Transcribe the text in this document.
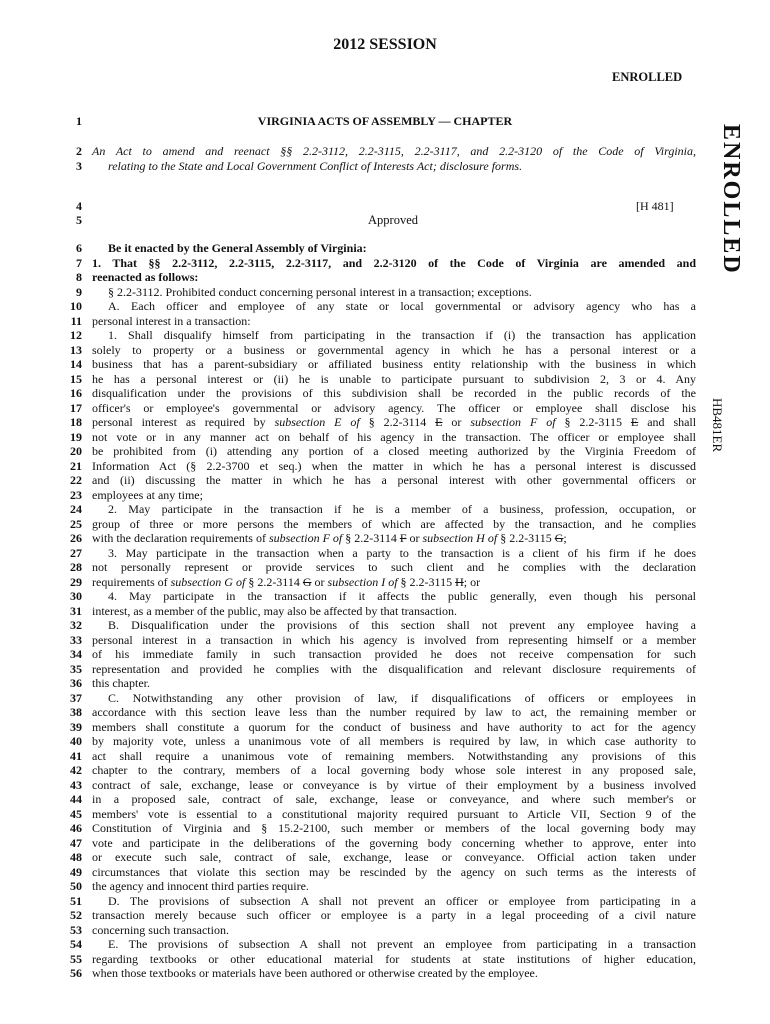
2012 SESSION
ENROLLED
ENROLLED
HB481ER
1
2
3
4
5
6
7
8
9
10
11
12
13
14
15
16
17
18
19
20
21
22
23
24
25
26
27
28
29
30
31
32
33
34
35
36
37
38
39
40
41
42
43
44
45
46
47
48
49
50
51
52
53
54
55
56
VIRGINIA ACTS OF ASSEMBLY –– CHAPTER
An Act to amend and reenact §§ 2.2-3112, 2.2-3115, 2.2-3117, and 2.2-3120 of the Code of Virginia,
relating to the State and Local Government Conflict of Interests Act; disclosure forms.
[H 481]
Approved
Be it enacted by the General Assembly of Virginia:
1. That §§ 2.2-3112, 2.2-3115, 2.2-3117, and 2.2-3120 of the Code of Virginia are amended and
reenacted as follows:
§ 2.2-3112. Prohibited conduct concerning personal interest in a transaction; exceptions.
A. Each officer and employee of any state or local governmental or advisory agency who has a
personal interest in a transaction:
1. Shall disqualify himself from participating in the transaction if (i) the transaction has application
solely to property or a business or governmental agency in which he has a personal interest or a
business that has a parent-subsidiary or affiliated business entity relationship with the business in which
he has a personal interest or (ii) he is unable to participate pursuant to subdivision 2, 3 or 4. Any
disqualification under the provisions of this subdivision shall be recorded in the public records of the
officer's or employee's governmental or advisory agency. The officer or employee shall disclose his
personal interest as required by subsection E of § 2.2-3114 E or subsection F of § 2.2-3115 E and shall
not vote or in any manner act on behalf of his agency in the transaction. The officer or employee shall
be prohibited from (i) attending any portion of a closed meeting authorized by the Virginia Freedom of
Information Act (§ 2.2-3700 et seq.) when the matter in which he has a personal interest is discussed
and (ii) discussing the matter in which he has a personal interest with other governmental officers or
employees at any time;
2. May participate in the transaction if he is a member of a business, profession, occupation, or
group of three or more persons the members of which are affected by the transaction, and he complies
with the declaration requirements of subsection F of § 2.2-3114 F or subsection H of § 2.2-3115 G;
3. May participate in the transaction when a party to the transaction is a client of his firm if he does
not personally represent or provide services to such client and he complies with the declaration
requirements of subsection G of § 2.2-3114 G or subsection I of § 2.2-3115 H; or
4. May participate in the transaction if it affects the public generally, even though his personal
interest, as a member of the public, may also be affected by that transaction.
B. Disqualification under the provisions of this section shall not prevent any employee having a
personal interest in a transaction in which his agency is involved from representing himself or a member
of his immediate family in such transaction provided he does not receive compensation for such
representation and provided he complies with the disqualification and relevant disclosure requirements of
this chapter.
C. Notwithstanding any other provision of law, if disqualifications of officers or employees in
accordance with this section leave less than the number required by law to act, the remaining member or
members shall constitute a quorum for the conduct of business and have authority to act for the agency
by majority vote, unless a unanimous vote of all members is required by law, in which case authority to
act shall require a unanimous vote of remaining members. Notwithstanding any provisions of this
chapter to the contrary, members of a local governing body whose sole interest in any proposed sale,
contract of sale, exchange, lease or conveyance is by virtue of their employment by a business involved
in a proposed sale, contract of sale, exchange, lease or conveyance, and where such member's or
members' vote is essential to a constitutional majority required pursuant to Article VII, Section 9 of the
Constitution of Virginia and § 15.2-2100, such member or members of the local governing body may
vote and participate in the deliberations of the governing body concerning whether to approve, enter into
or execute such sale, contract of sale, exchange, lease or conveyance. Official action taken under
circumstances that violate this section may be rescinded by the agency on such terms as the interests of
the agency and innocent third parties require.
D. The provisions of subsection A shall not prevent an officer or employee from participating in a
transaction merely because such officer or employee is a party in a legal proceeding of a civil nature
concerning such transaction.
E. The provisions of subsection A shall not prevent an employee from participating in a transaction
regarding textbooks or other educational material for students at state institutions of higher education,
when those textbooks or materials have been authored or otherwise created by the employee.
